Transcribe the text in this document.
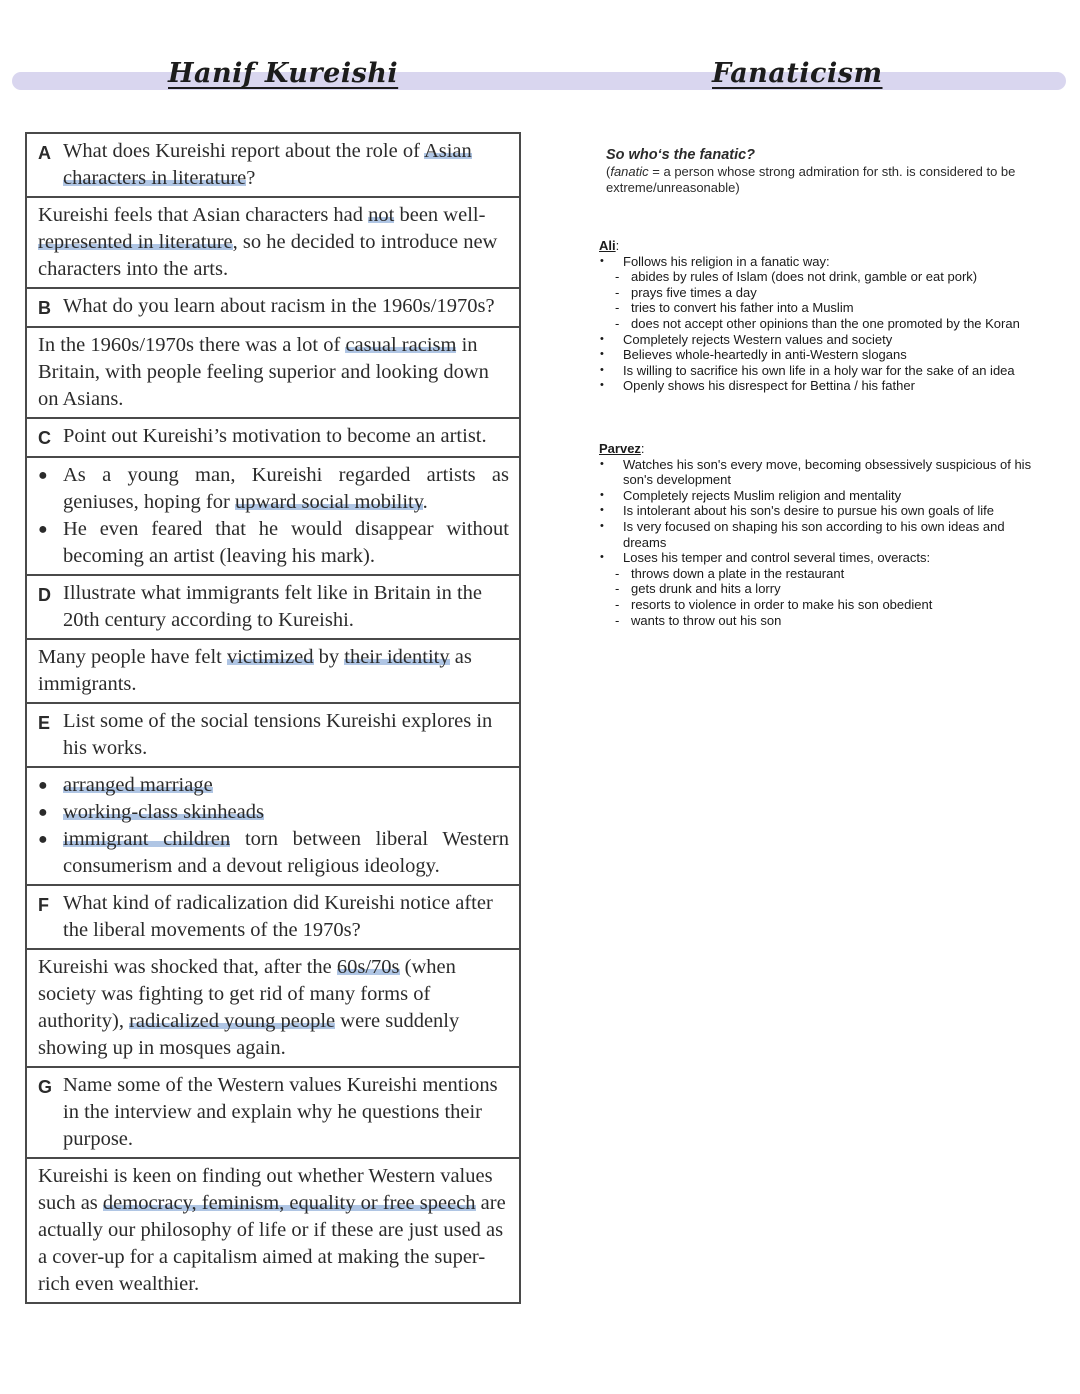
Hanif Kureishi	Fanaticism
A What does Kureishi report about the role of Asian characters in literature?

Kureishi feels that Asian characters had not been well-represented in literature, so he decided to introduce new characters into the arts.

B What do you learn about racism in the 1960s/1970s?

In the 1960s/1970s there was a lot of casual racism in Britain, with people feeling superior and looking down on Asians.

C Point out Kureishi’s motivation to become an artist.

● As a young man, Kureishi regarded artists as geniuses, hoping for upward social mobility.
● He even feared that he would disappear without becoming an artist (leaving his mark).

D Illustrate what immigrants felt like in Britain in the 20th century according to Kureishi.

Many people have felt victimized by their identity as immigrants.

E List some of the social tensions Kureishi explores in his works.

● arranged marriage
● working-class skinheads
● immigrant children torn between liberal Western consumerism and a devout religious ideology.

F What kind of radicalization did Kureishi notice after the liberal movements of the 1970s?

Kureishi was shocked that, after the 60s/70s (when society was fighting to get rid of many forms of authority), radicalized young people were suddenly showing up in mosques again.

G Name some of the Western values Kureishi mentions in the interview and explain why he questions their purpose.

Kureishi is keen on finding out whether Western values such as democracy, feminism, equality or free speech are actually our philosophy of life or if these are just used as a cover-up for a capitalism aimed at making the super-rich even wealthier.
So who‘s the fanatic?
(fanatic = a person whose strong admiration for sth. is considered to be extreme/unreasonable)
Ali:
•	Follows his religion in a fanatic way:
- abides by rules of Islam (does not drink, gamble or eat pork)
- prays five times a day
- tries to convert his father into a Muslim
- does not accept other opinions than the one promoted by the Koran
•	Completely rejects Western values and society
•	Believes whole-heartedly in anti-Western slogans
•	Is willing to sacrifice his own life in a holy war for the sake of an idea
•	Openly shows his disrespect for Bettina / his father
Parvez:
•	Watches his son's every move, becoming obsessively suspicious of his son's development
•	Completely rejects Muslim religion and mentality
•	Is intolerant about his son's desire to pursue his own goals of life
•	Is very focused on shaping his son according to his own ideas and dreams
•	Loses his temper and control several times, overacts:
- throws down a plate in the restaurant
- gets drunk and hits a lorry
- resorts to violence in order to make his son obedient
- wants to throw out his son
